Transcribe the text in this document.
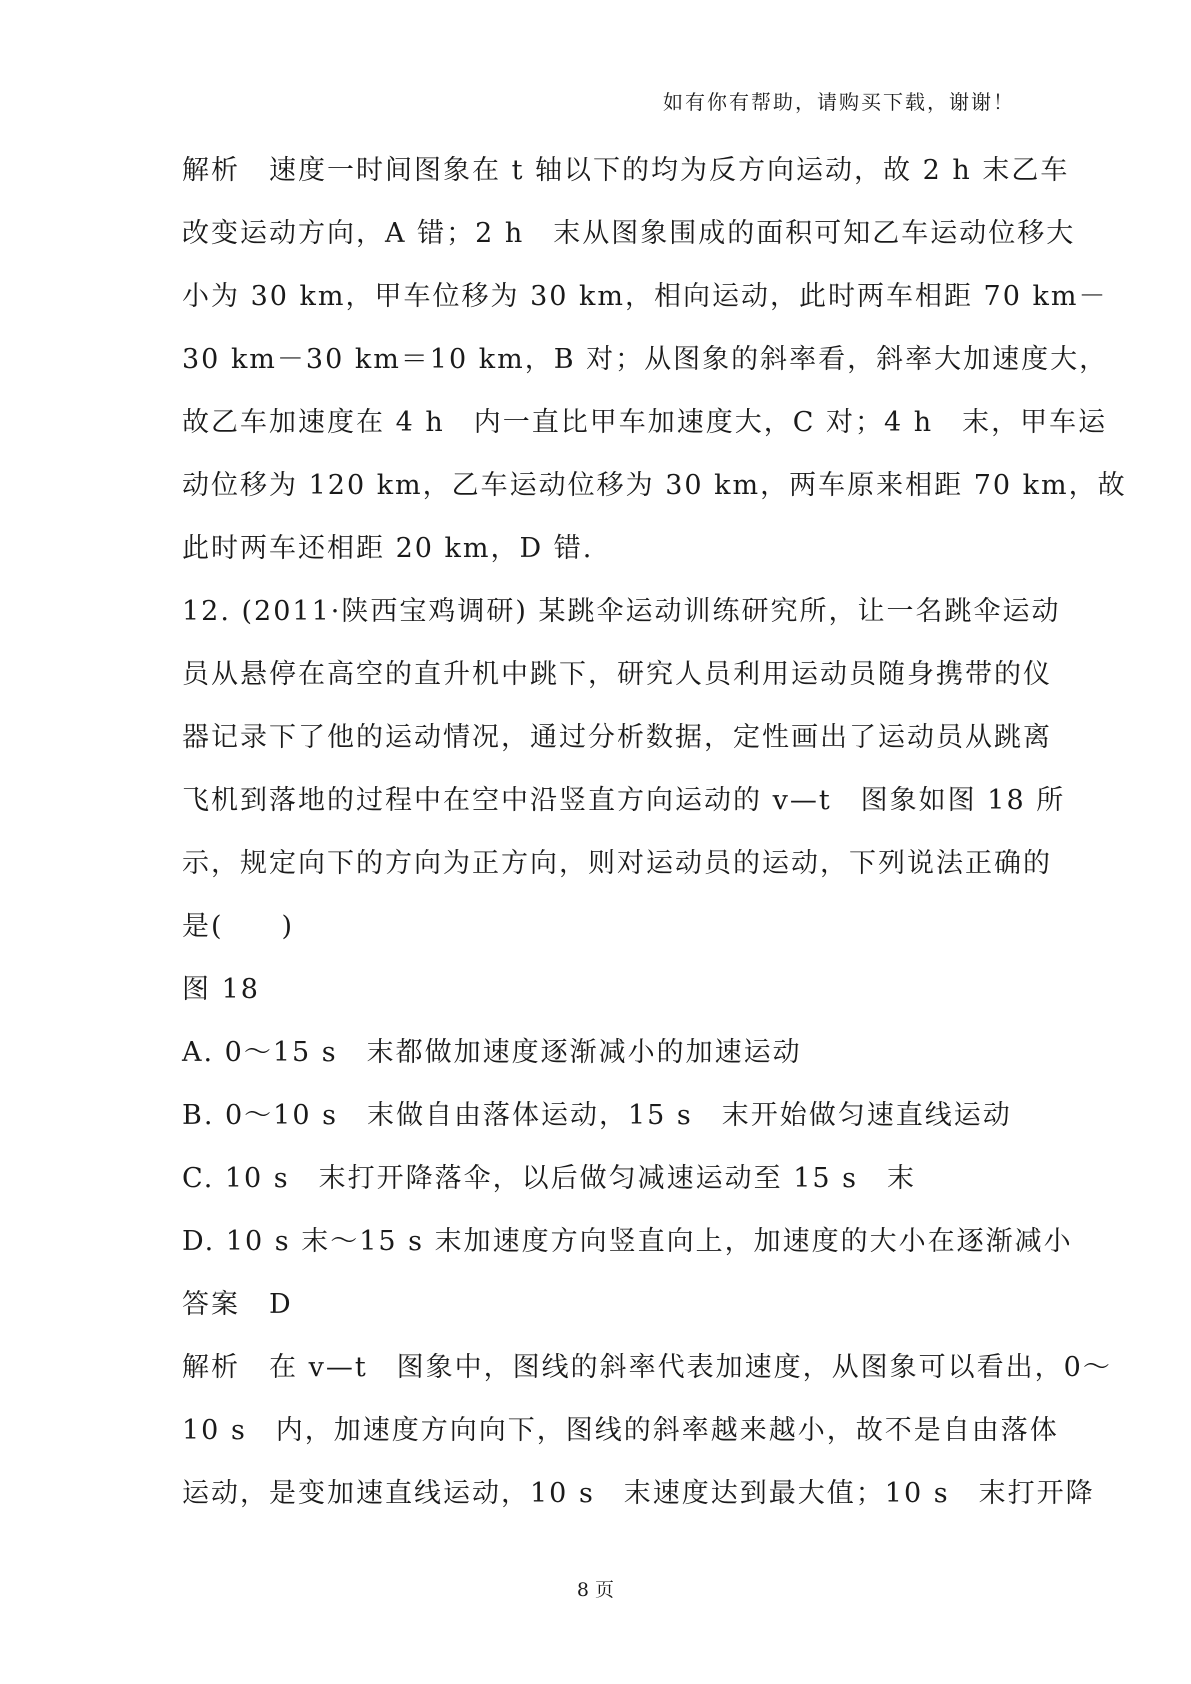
如有你有帮助，请购买下载，谢谢！
解析　速度一时间图象在 t 轴以下的均为反方向运动，故 2 h 末乙车
改变运动方向，A 错；2 h　末从图象围成的面积可知乙车运动位移大
小为 30 km，甲车位移为 30 km，相向运动，此时两车相距 70 km－
30 km－30 km＝10 km，B 对；从图象的斜率看，斜率大加速度大，
故乙车加速度在 4 h　内一直比甲车加速度大，C 对；4 h　末，甲车运
动位移为 120 km，乙车运动位移为 30 km，两车原来相距 70 km，故
此时两车还相距 20 km，D 错.
12. (2011·陕西宝鸡调研) 某跳伞运动训练研究所，让一名跳伞运动
员从悬停在高空的直升机中跳下，研究人员利用运动员随身携带的仪
器记录下了他的运动情况，通过分析数据，定性画出了运动员从跳离
飞机到落地的过程中在空中沿竖直方向运动的 v—t　图象如图 18 所
示，规定向下的方向为正方向，则对运动员的运动，下列说法正确的
是(　　)
图 18
A. 0～15 s　末都做加速度逐渐减小的加速运动
B. 0～10 s　末做自由落体运动，15 s　末开始做匀速直线运动
C. 10 s　末打开降落伞，以后做匀减速运动至 15 s　末
D. 10 s 末～15 s 末加速度方向竖直向上，加速度的大小在逐渐减小
答案　D
解析　在 v—t　图象中，图线的斜率代表加速度，从图象可以看出，0～
10 s　内，加速度方向向下，图线的斜率越来越小，故不是自由落体
运动，是变加速直线运动，10 s　末速度达到最大值；10 s　末打开降
8 页
